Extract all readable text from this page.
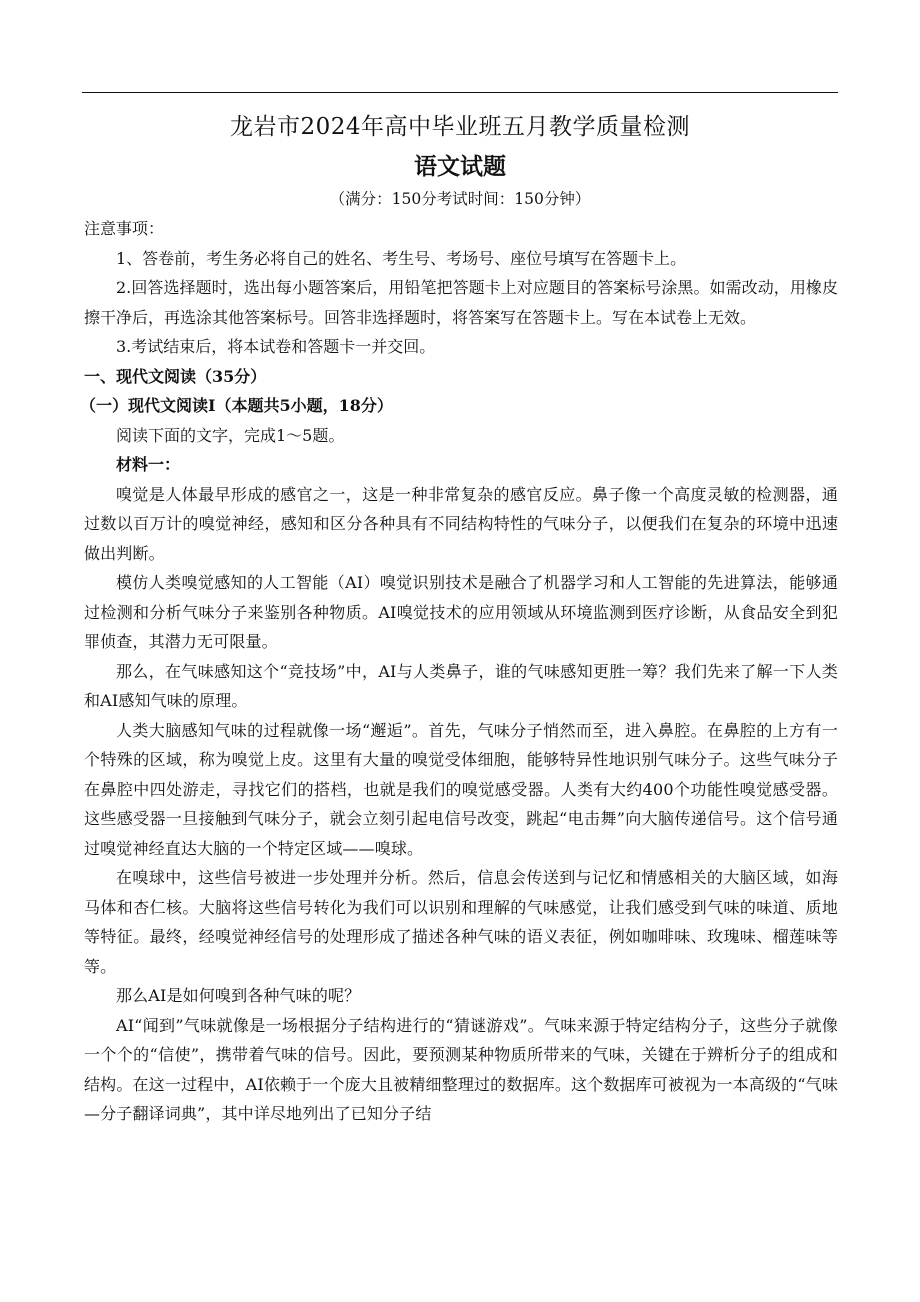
龙岩市2024年高中毕业班五月教学质量检测
语文试题
（满分：150分考试时间：150分钟）

注意事项：

1、答卷前，考生务必将自己的姓名、考生号、考场号、座位号填写在答题卡上。

2.回答选择题时，选出每小题答案后，用铅笔把答题卡上对应题目的答案标号涂黑。如需改动，用橡皮擦干净后，再选涂其他答案标号。回答非选择题时，将答案写在答题卡上。写在本试卷上无效。

3.考试结束后，将本试卷和答题卡一并交回。

一、现代文阅读（35分）

（一）现代文阅读Ⅰ（本题共5小题，18分）

阅读下面的文字，完成1～5题。

材料一：

嗅觉是人体最早形成的感官之一，这是一种非常复杂的感官反应。鼻子像一个高度灵敏的检测器，通过数以百万计的嗅觉神经，感知和区分各种具有不同结构特性的气味分子，以便我们在复杂的环境中迅速做出判断。

模仿人类嗅觉感知的人工智能（AI）嗅觉识别技术是融合了机器学习和人工智能的先进算法，能够通过检测和分析气味分子来鉴别各种物质。AI嗅觉技术的应用领域从环境监测到医疗诊断，从食品安全到犯罪侦查，其潜力无可限量。

那么，在气味感知这个“竞技场”中，AI与人类鼻子，谁的气味感知更胜一筹？我们先来了解一下人类和AI感知气味的原理。

人类大脑感知气味的过程就像一场“邂逅”。首先，气味分子悄然而至，进入鼻腔。在鼻腔的上方有一个特殊的区域，称为嗅觉上皮。这里有大量的嗅觉受体细胞，能够特异性地识别气味分子。这些气味分子在鼻腔中四处游走，寻找它们的搭档，也就是我们的嗅觉感受器。人类有大约400个功能性嗅觉感受器。这些感受器一旦接触到气味分子，就会立刻引起电信号改变，跳起“电击舞”向大脑传递信号。这个信号通过嗅觉神经直达大脑的一个特定区域——嗅球。

在嗅球中，这些信号被进一步处理并分析。然后，信息会传送到与记忆和情感相关的大脑区域，如海马体和杏仁核。大脑将这些信号转化为我们可以识别和理解的气味感觉，让我们感受到气味的味道、质地等特征。最终，经嗅觉神经信号的处理形成了描述各种气味的语义表征，例如咖啡味、玫瑰味、榴莲味等等。

那么AI是如何嗅到各种气味的呢？

AI“闻到”气味就像是一场根据分子结构进行的“猜谜游戏”。气味来源于特定结构分子，这些分子就像一个个的“信使”，携带着气味的信号。因此，要预测某种物质所带来的气味，关键在于辨析分子的组成和结构。在这一过程中，AI依赖于一个庞大且被精细整理过的数据库。这个数据库可被视为一本高级的“气味—分子翻译词典”，其中详尽地列出了已知分子结
